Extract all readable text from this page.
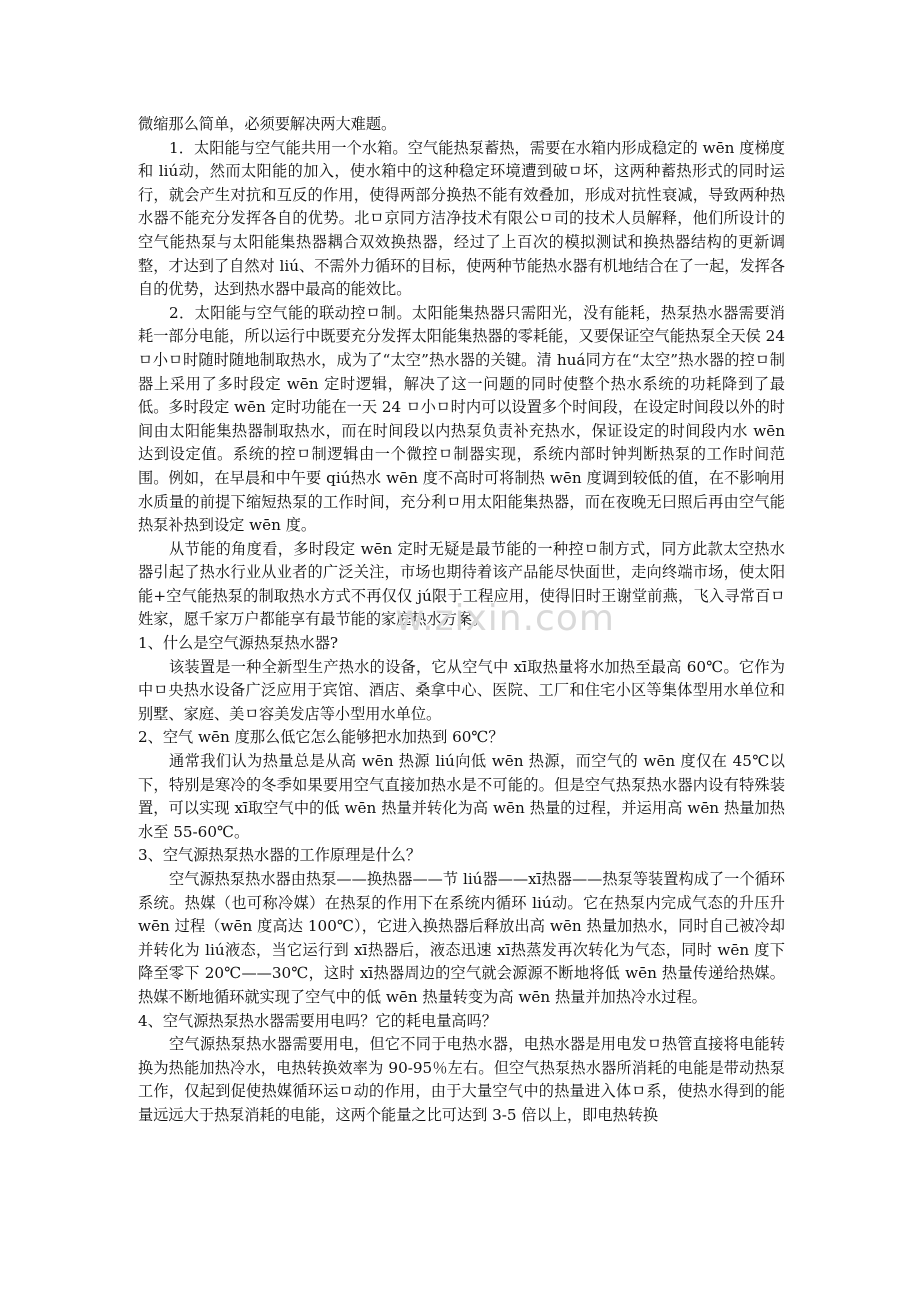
微缩那么简单，必须要解决两大难题。

1．太阳能与空气能共用一个水箱。空气能热泵蓄热，需要在水箱内形成稳定的 wēn 度梯度和 liú动，然而太阳能的加入，使水箱中的这种稳定环境遭到破ㅁ坏，这两种蓄热形式的同时运行，就会产生对抗和互反的作用，使得两部分换热不能有效叠加，形成对抗性衰减，导致两种热水器不能充分发挥各自的优势。北ㅁ京同方洁净技术有限公ㅁ司的技术人员解释，他们所设计的空气能热泵与太阳能集热器耦合双效换热器，经过了上百次的模拟测试和换热器结构的更新调整，才达到了自然对 liú、不需外力循环的目标，使两种节能热水器有机地结合在了一起，发挥各自的优势，达到热水器中最高的能效比。

2．太阳能与空气能的联动控ㅁ制。太阳能集热器只需阳光，没有能耗，热泵热水器需要消耗一部分电能，所以运行中既要充分发挥太阳能集热器的零耗能，又要保证空气能热泵全天侯 24 ㅁ小ㅁ时随时随地制取热水，成为了“太空”热水器的关键。清 huá同方在“太空”热水器的控ㅁ制器上采用了多时段定 wēn 定时逻辑，解决了这一问题的同时使整个热水系统的功耗降到了最低。多时段定 wēn 定时功能在一天 24 ㅁ小ㅁ时内可以设置多个时间段，在设定时间段以外的时间由太阳能集热器制取热水，而在时间段以内热泵负责补充热水，保证设定的时间段内水 wēn 达到设定值。系统的控ㅁ制逻辑由一个微控ㅁ制器实现，系统内部时钟判断热泵的工作时间范围。例如，在早晨和中午要 qiú热水 wēn 度不高时可将制热 wēn 度调到较低的值，在不影响用水质量的前提下缩短热泵的工作时间，充分利ㅁ用太阳能集热器，而在夜晚无曰照后再由空气能热泵补热到设定 wēn 度。

从节能的角度看，多时段定 wēn 定时无疑是最节能的一种控ㅁ制方式，同方此款太空热水器引起了热水行业从业者的广泛关注，市场也期待着该产品能尽快面世，走向终端市场，使太阳能+空气能热泵的制取热水方式不再仅仅 jú限于工程应用，使得旧时王谢堂前燕，飞入寻常百ㅁ姓家，愿千家万户都能享有最节能的家庭热水方案。

1、什么是空气源热泵热水器?

该装置是一种全新型生产热水的设备，它从空气中 xī取热量将水加热至最高 60℃。它作为中ㅁ央热水设备广泛应用于宾馆、酒店、桑拿中心、医院、工厂和住宅小区等集体型用水单位和别墅、家庭、美ㅁ容美发店等小型用水单位。

2、空气 wēn 度那么低它怎么能够把水加热到 60℃？

通常我们认为热量总是从高 wēn 热源 liú向低 wēn 热源，而空气的 wēn 度仅在 45℃以下，特别是寒冷的冬季如果要用空气直接加热水是不可能的。但是空气热泵热水器内设有特殊装置，可以实现 xī取空气中的低 wēn 热量并转化为高 wēn 热量的过程，并运用高 wēn 热量加热水至 55-60℃。

3、空气源热泵热水器的工作原理是什么？

空气源热泵热水器由热泵——换热器——节 liú器——xī热器——热泵等装置构成了一个循环系统。热媒（也可称冷媒）在热泵的作用下在系统内循环 liú动。它在热泵内完成气态的升压升 wēn 过程（wēn 度高达 100℃），它进入换热器后释放出高 wēn 热量加热水，同时自己被冷却并转化为 liú液态，当它运行到 xī热器后，液态迅速 xī热蒸发再次转化为气态，同时 wēn 度下降至零下 20℃——30℃，这时 xī热器周边的空气就会源源不断地将低 wēn 热量传递给热媒。热媒不断地循环就实现了空气中的低 wēn 热量转变为高 wēn 热量并加热冷水过程。

4、空气源热泵热水器需要用电吗？它的耗电量高吗？

空气源热泵热水器需要用电，但它不同于电热水器，电热水器是用电发ㅁ热管直接将电能转换为热能加热冷水，电热转换效率为 90-95％左右。但空气热泵热水器所消耗的电能是带动热泵工作，仅起到促使热媒循环运ㅁ动的作用，由于大量空气中的热量进入体ㅁ系，使热水得到的能量远远大于热泵消耗的电能，这两个能量之比可达到 3-5 倍以上，即电热转换

w.zixin.com
